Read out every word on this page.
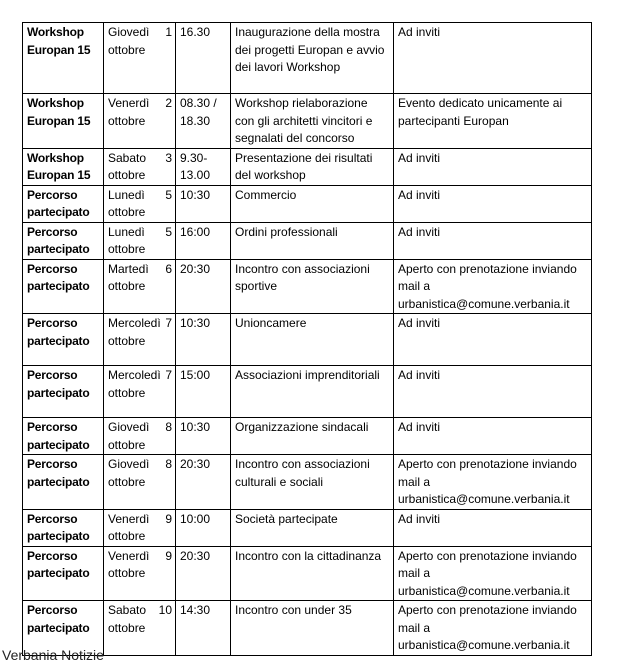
Workshop Europan 15	Giovedì 1 ottobre	16.30	Inaugurazione della mostra dei progetti Europan e avvio dei lavori Workshop	Ad inviti
Workshop Europan 15	Venerdì 2 ottobre	08.30 / 18.30	Workshop rielaborazione con gli architetti vincitori e segnalati del concorso	Evento dedicato unicamente ai partecipanti Europan
Workshop Europan 15	Sabato 3 ottobre	9.30-13.00	Presentazione dei risultati del workshop	Ad inviti
Percorso partecipato	Lunedì 5 ottobre	10:30	Commercio	Ad inviti
Percorso partecipato	Lunedì 5 ottobre	16:00	Ordini professionali	Ad inviti
Percorso partecipato	Martedì 6 ottobre	20:30	Incontro con associazioni sportive	Aperto con prenotazione inviando mail a urbanistica@comune.verbania.it
Percorso partecipato	Mercoledì 7 ottobre	10:30	Unioncamere	Ad inviti
Percorso partecipato	Mercoledì 7 ottobre	15:00	Associazioni imprenditoriali	Ad inviti
Percorso partecipato	Giovedì 8 ottobre	10:30	Organizzazione sindacali	Ad inviti
Percorso partecipato	Giovedì 8 ottobre	20:30	Incontro con associazioni culturali e sociali	Aperto con prenotazione inviando mail a urbanistica@comune.verbania.it
Percorso partecipato	Venerdì 9 ottobre	10:00	Società partecipate	Ad inviti
Percorso partecipato	Venerdì 9 ottobre	20:30	Incontro con la cittadinanza	Aperto con prenotazione inviando mail a urbanistica@comune.verbania.it
Percorso partecipato	Sabato 10 ottobre	14:30	Incontro con under 35	Aperto con prenotazione inviando mail a urbanistica@comune.verbania.it
Verbania Notizie
